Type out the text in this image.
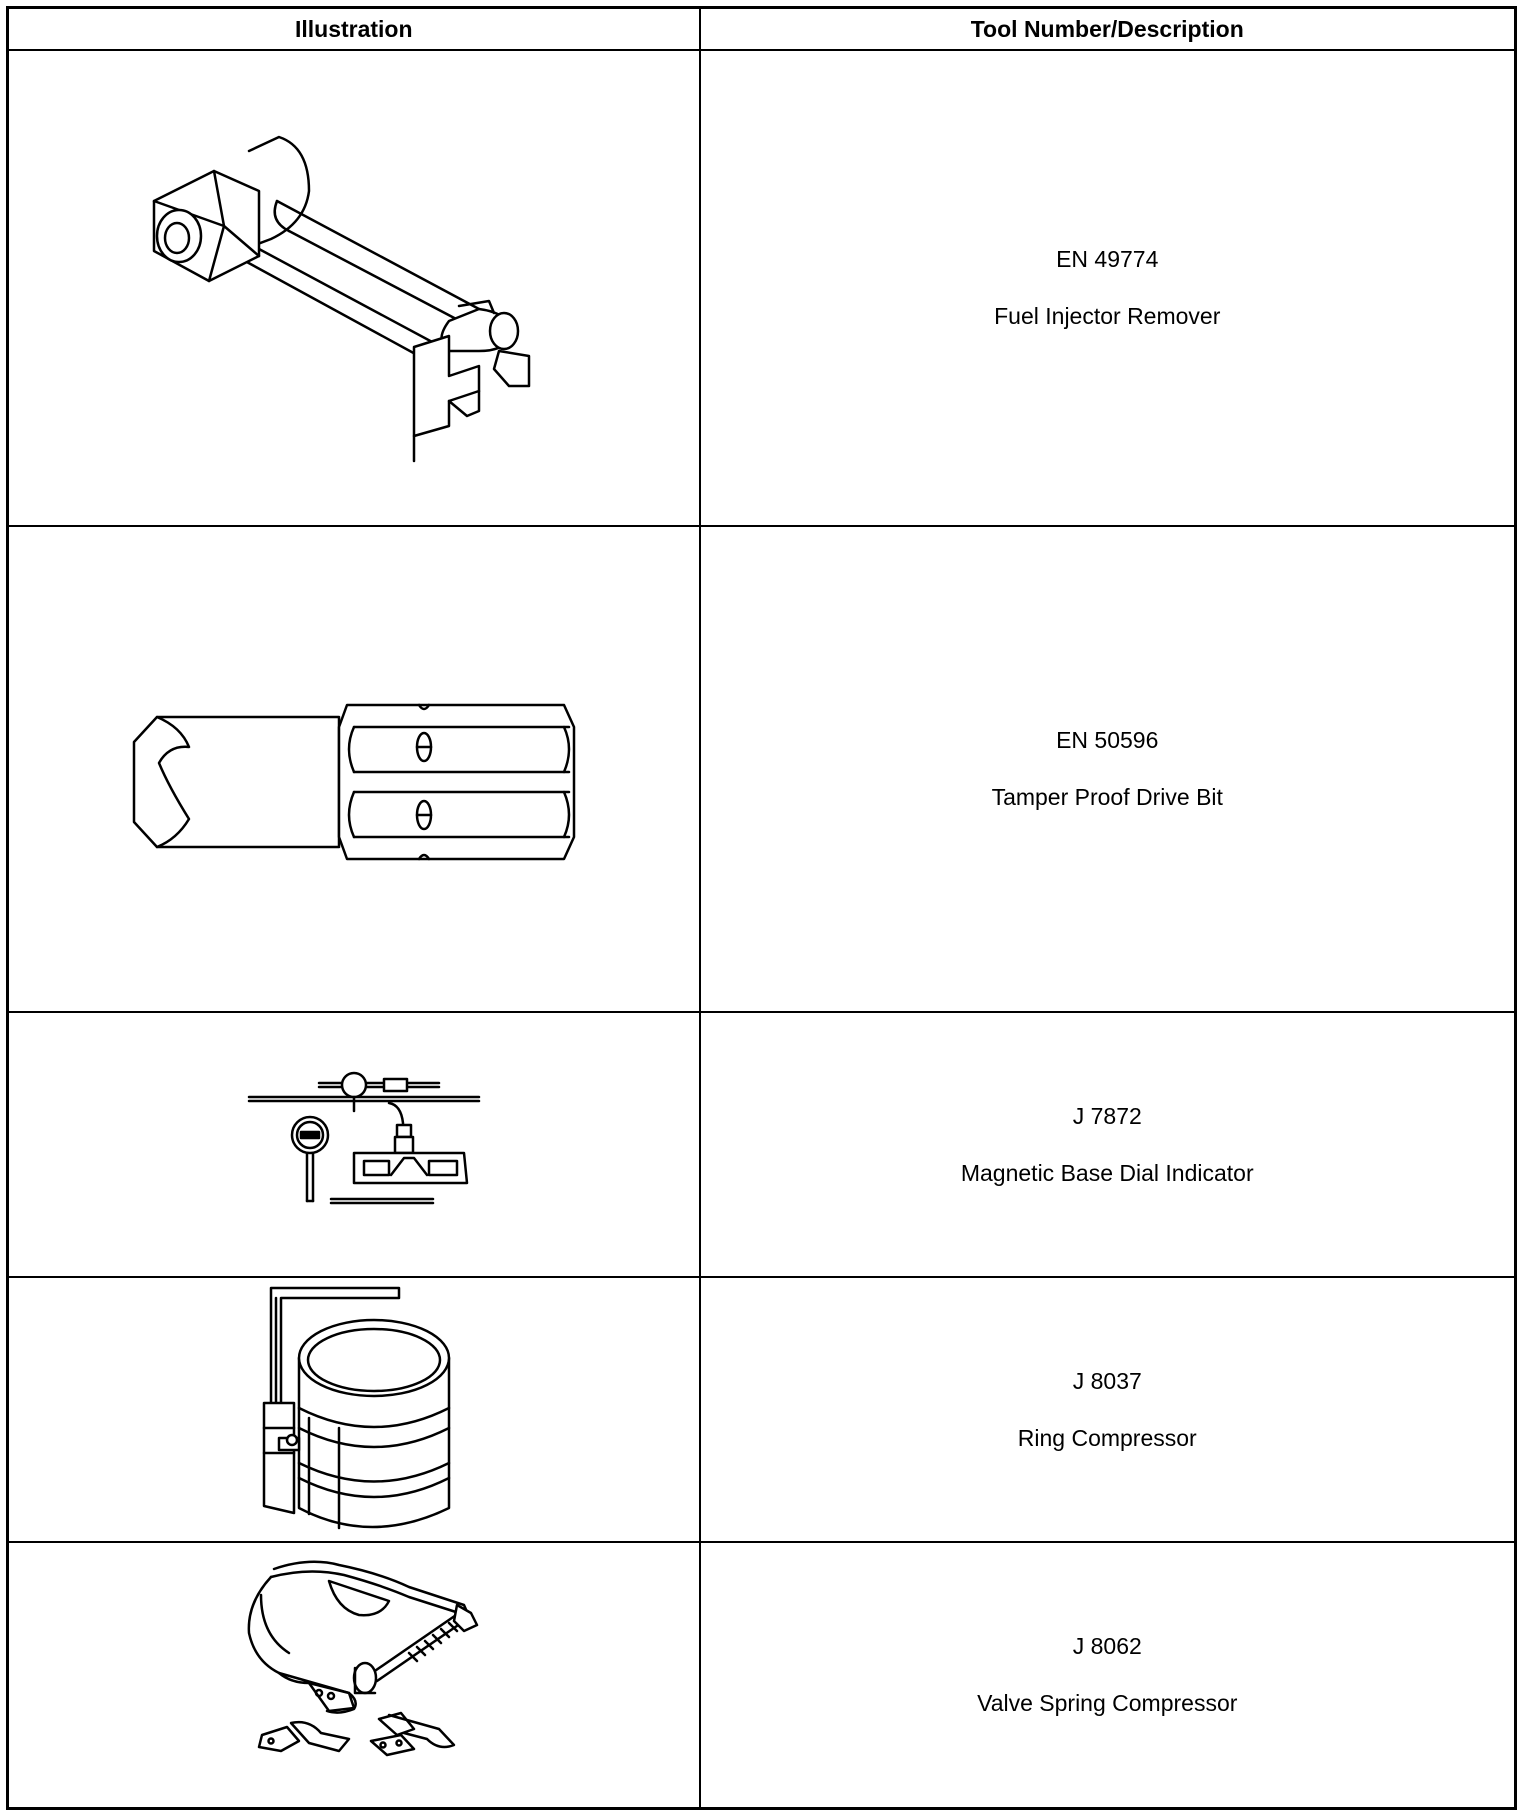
Illustration	Tool Number/Description

EN 49774
Fuel Injector Remover

EN 50596
Tamper Proof Drive Bit

J 7872
Magnetic Base Dial Indicator

J 8037
Ring Compressor

J 8062
Valve Spring Compressor
